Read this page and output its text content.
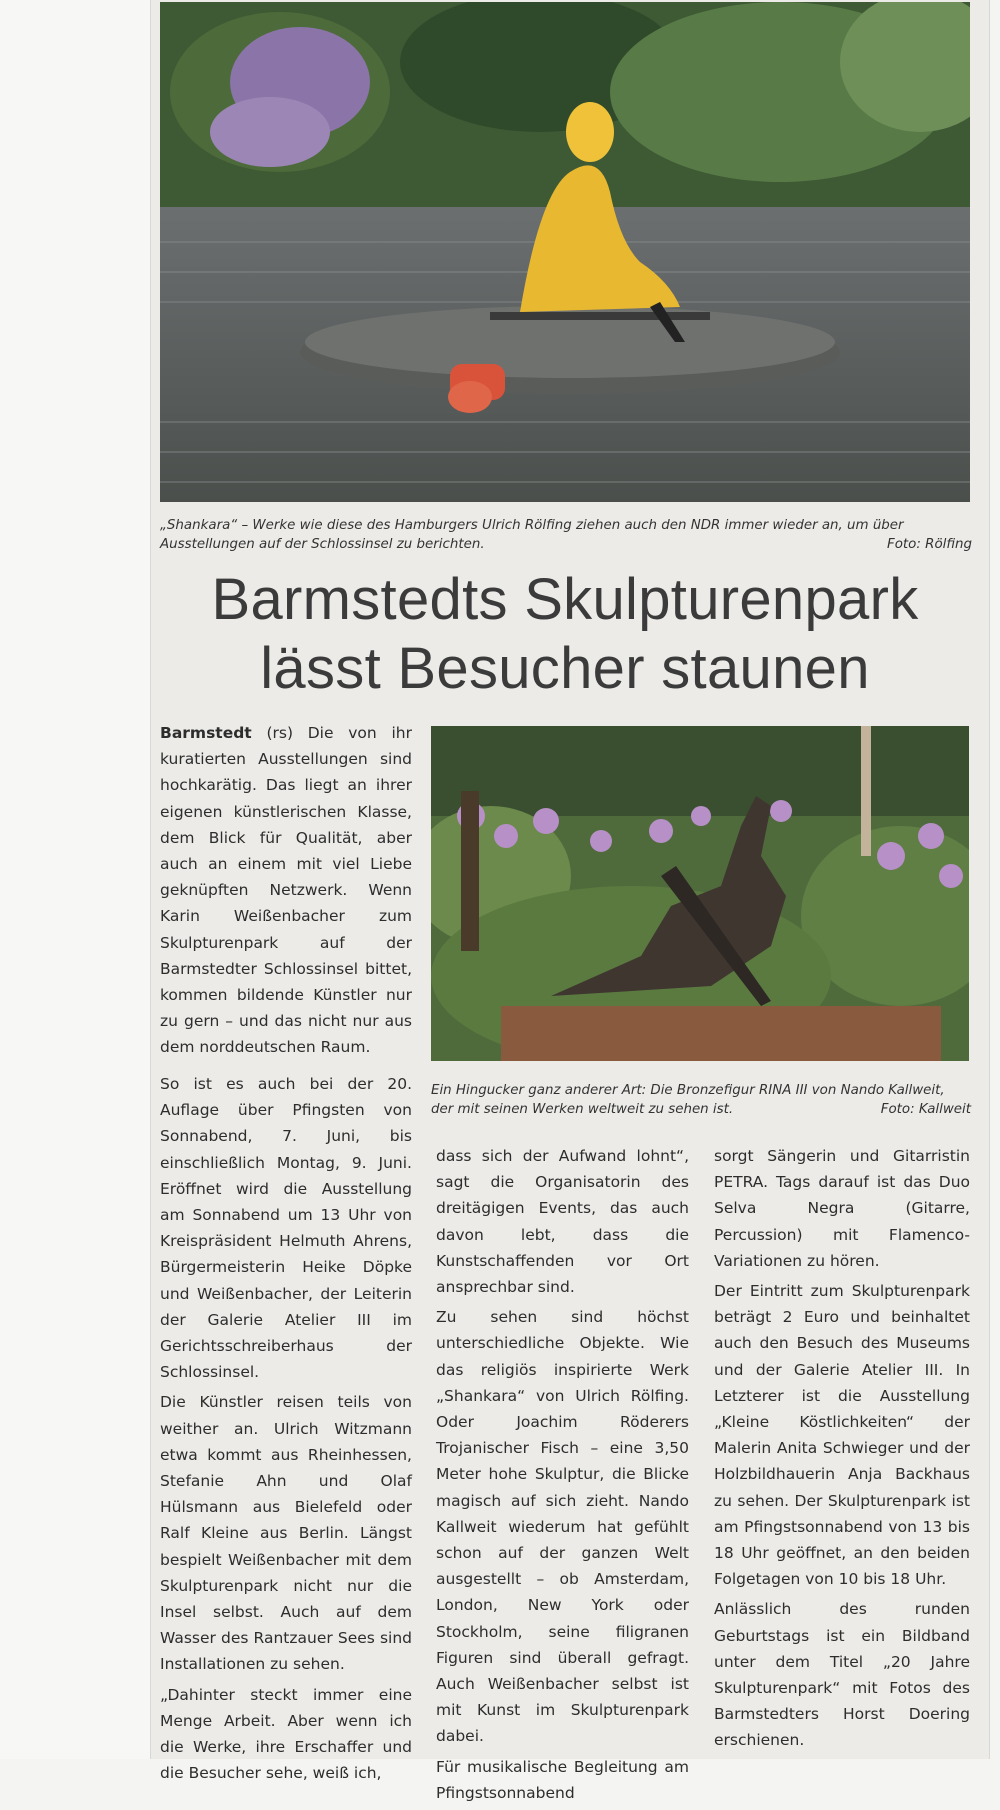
„Shankara“ – Werke wie diese des Hamburgers Ulrich Rölfing ziehen auch den NDR immer wieder an, um über Ausstellungen auf der Schlossinsel zu berichten.	Foto: Rölfing
Barmstedts Skulpturenpark
lässt Besucher staunen

Barmstedt (rs) Die von ihr kuratierten Ausstellungen sind hochkarätig. Das liegt an ihrer eigenen künstlerischen Klasse, dem Blick für Qualität, aber auch an einem mit viel Liebe geknüpften Netzwerk. Wenn Karin Weißenbacher zum Skulpturenpark auf der Barmstedter Schlossinsel bittet, kommen bildende Künstler nur zu gern – und das nicht nur aus dem norddeutschen Raum.

Ein Hingucker ganz anderer Art: Die Bronzefigur RINA III von Nando Kallweit, der mit seinen Werken weltweit zu sehen ist.	Foto: Kallweit

So ist es auch bei der 20. Auflage über Pfingsten von Sonnabend, 7. Juni, bis einschließlich Montag, 9. Juni. Eröffnet wird die Ausstellung am Sonnabend um 13 Uhr von Kreispräsident Helmuth Ahrens, Bürgermeisterin Heike Döpke und Weißenbacher, der Leiterin der Galerie Atelier III im Gerichtsschreiberhaus der Schlossinsel.

Die Künstler reisen teils von weither an. Ulrich Witzmann etwa kommt aus Rheinhessen, Stefanie Ahn und Olaf Hülsmann aus Bielefeld oder Ralf Kleine aus Berlin. Längst bespielt Weißenbacher mit dem Skulpturenpark nicht nur die Insel selbst. Auch auf dem Wasser des Rantzauer Sees sind Installationen zu sehen.

„Dahinter steckt immer eine Menge Arbeit. Aber wenn ich die Werke, ihre Erschaffer und die Besucher sehe, weiß ich,

dass sich der Aufwand lohnt“, sagt die Organisatorin des dreitägigen Events, das auch davon lebt, dass die Kunstschaffenden vor Ort ansprechbar sind.

Zu sehen sind höchst unterschiedliche Objekte. Wie das religiös inspirierte Werk „Shankara“ von Ulrich Rölfing. Oder Joachim Röderers Trojanischer Fisch – eine 3,50 Meter hohe Skulptur, die Blicke magisch auf sich zieht. Nando Kallweit wiederum hat gefühlt schon auf der ganzen Welt ausgestellt – ob Amsterdam, London, New York oder Stockholm, seine filigranen Figuren sind überall gefragt. Auch Weißenbacher selbst ist mit Kunst im Skulpturenpark dabei.

Für musikalische Begleitung am Pfingstsonnabend

sorgt Sängerin und Gitarristin PETRA. Tags darauf ist das Duo Selva Negra (Gitarre, Percussion) mit Flamenco-Variationen zu hören.

Der Eintritt zum Skulpturenpark beträgt 2 Euro und beinhaltet auch den Besuch des Museums und der Galerie Atelier III. In Letzterer ist die Ausstellung „Kleine Köstlichkeiten“ der Malerin Anita Schwieger und der Holzbildhauerin Anja Backhaus zu sehen. Der Skulpturenpark ist am Pfingstsonnabend von 13 bis 18 Uhr geöffnet, an den beiden Folgetagen von 10 bis 18 Uhr.

Anlässlich des runden Geburtstags ist ein Bildband unter dem Titel „20 Jahre Skulpturenpark“ mit Fotos des Barmstedters Horst Doering erschienen.
